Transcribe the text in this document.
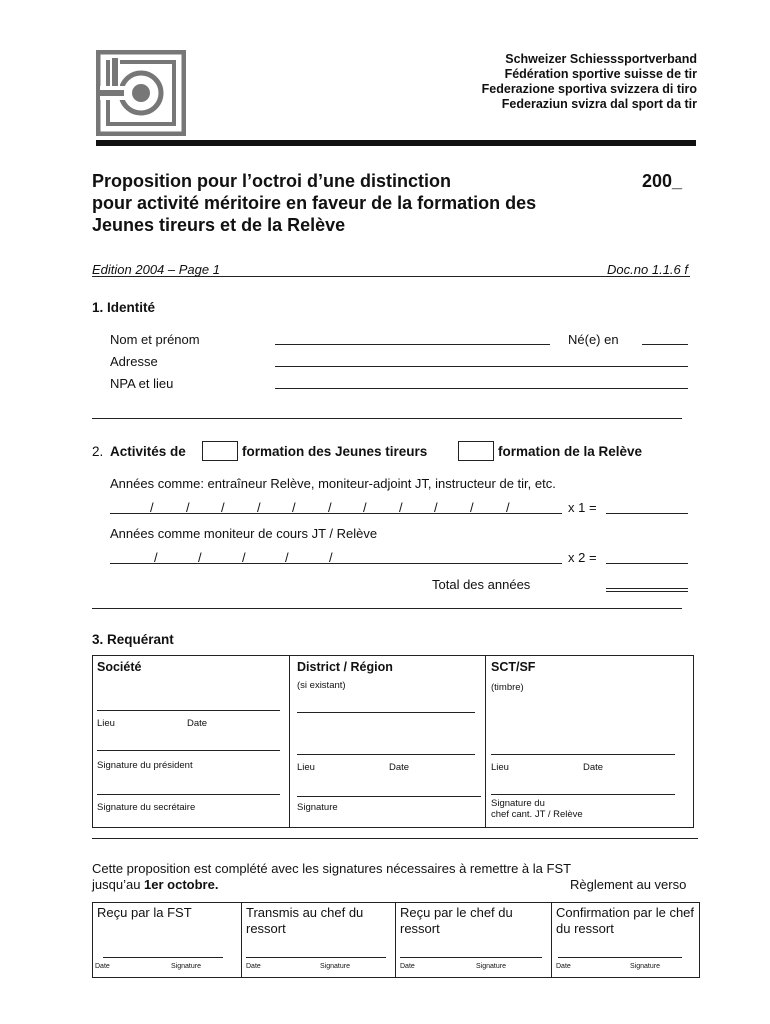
Schweizer Schiesssportverband
Fédération sportive suisse de tir
Federazione sportiva svizzera di tiro
Federaziun svizra dal sport da tir
Proposition pour l’octroi d’une distinction
pour activité méritoire en faveur de la formation des
Jeunes tireurs et de la Relève
200_
Edition 2004 – Page 1	Doc.no 1.1.6 f
1. Identité
Nom et prénom	Né(e) en
Adresse
NPA et lieu
2. Activités de	formation des Jeunes tireurs	formation de la Relève
Années comme: entraîneur Relève, moniteur-adjoint JT, instructeur de tir, etc.
/ / / / / / / / / / /	x 1 =
Années comme moniteur de cours JT / Relève
/	/	/	/	/	x 2 =
Total des années
3. Requérant
Société
Lieu	Date
Signature du président
Signature du secrétaire
District / Région
(si existant)
Lieu	Date
Signature
SCT/SF
(timbre)
Lieu	Date
Signature du
chef cant. JT / Relève
Cette proposition est complété avec les signatures nécessaires à remettre à la FST
jusqu’au 1er octobre.	Règlement au verso
Reçu par la FST
Date	Signature
Transmis au chef du ressort
Date	Signature
Reçu par le chef du ressort
Date	Signature
Confirmation par le chef du ressort
Date	Signature
